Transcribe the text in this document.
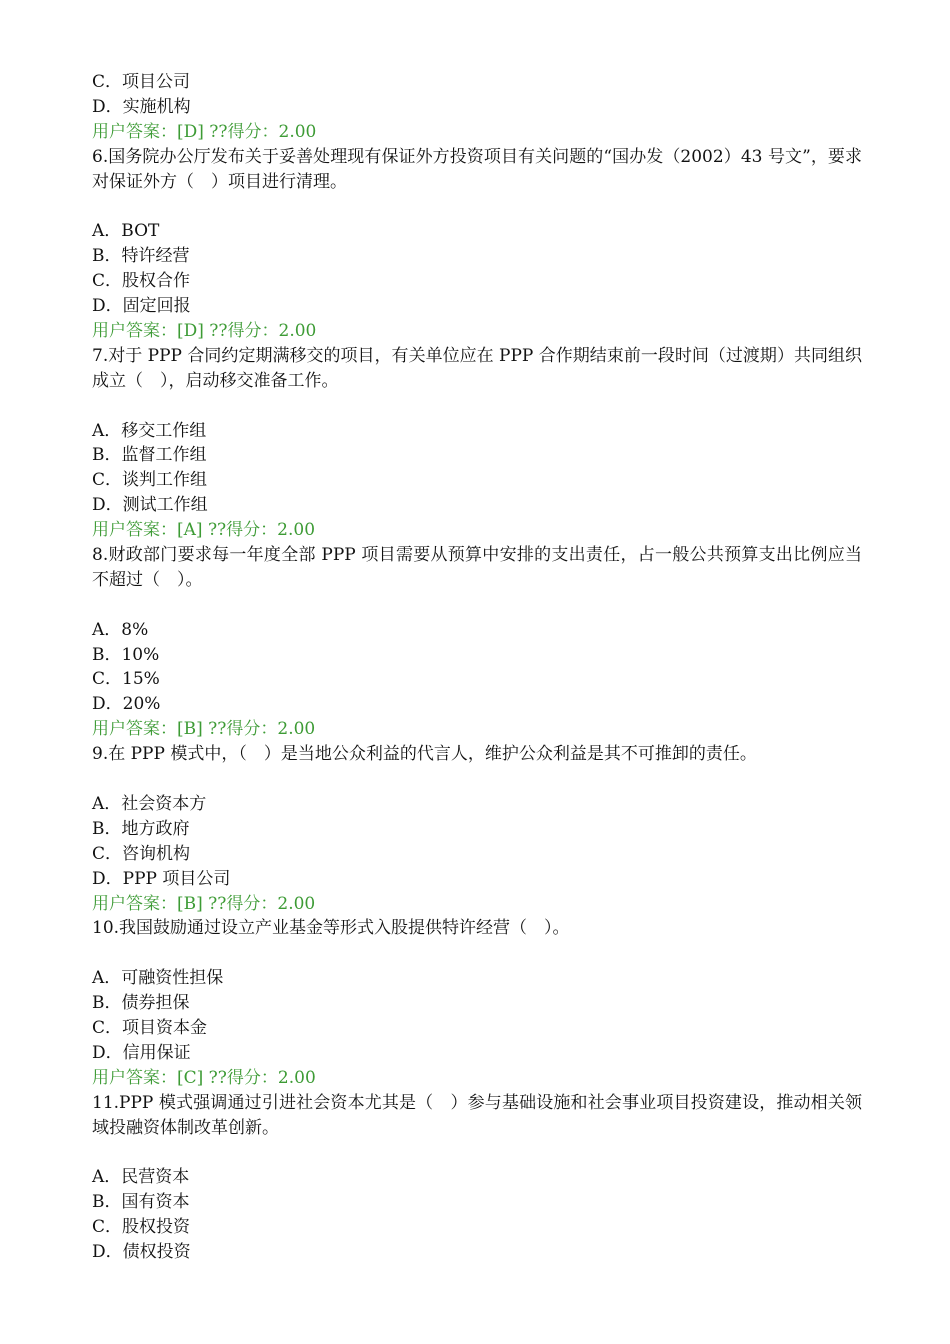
C．项目公司
D．实施机构
用户答案：[D] ??得分：2.00
6.国务院办公厅发布关于妥善处理现有保证外方投资项目有关问题的“国办发（2002）43 号文”，要求对保证外方（　）项目进行清理。
A．BOT
B．特许经营
C．股权合作
D．固定回报
用户答案：[D] ??得分：2.00
7.对于 PPP 合同约定期满移交的项目，有关单位应在 PPP 合作期结束前一段时间（过渡期）共同组织成立（　），启动移交准备工作。
A．移交工作组
B．监督工作组
C．谈判工作组
D．测试工作组
用户答案：[A] ??得分：2.00
8.财政部门要求每一年度全部 PPP 项目需要从预算中安排的支出责任，占一般公共预算支出比例应当不超过（　）。
A．8%
B．10%
C．15%
D．20%
用户答案：[B] ??得分：2.00
9.在 PPP 模式中，（　）是当地公众利益的代言人，维护公众利益是其不可推卸的责任。
A．社会资本方
B．地方政府
C．咨询机构
D．PPP 项目公司
用户答案：[B] ??得分：2.00
10.我国鼓励通过设立产业基金等形式入股提供特许经营（　）。
A．可融资性担保
B．债券担保
C．项目资本金
D．信用保证
用户答案：[C] ??得分：2.00
11.PPP 模式强调通过引进社会资本尤其是（　）参与基础设施和社会事业项目投资建设，推动相关领域投融资体制改革创新。
A．民营资本
B．国有资本
C．股权投资
D．债权投资
